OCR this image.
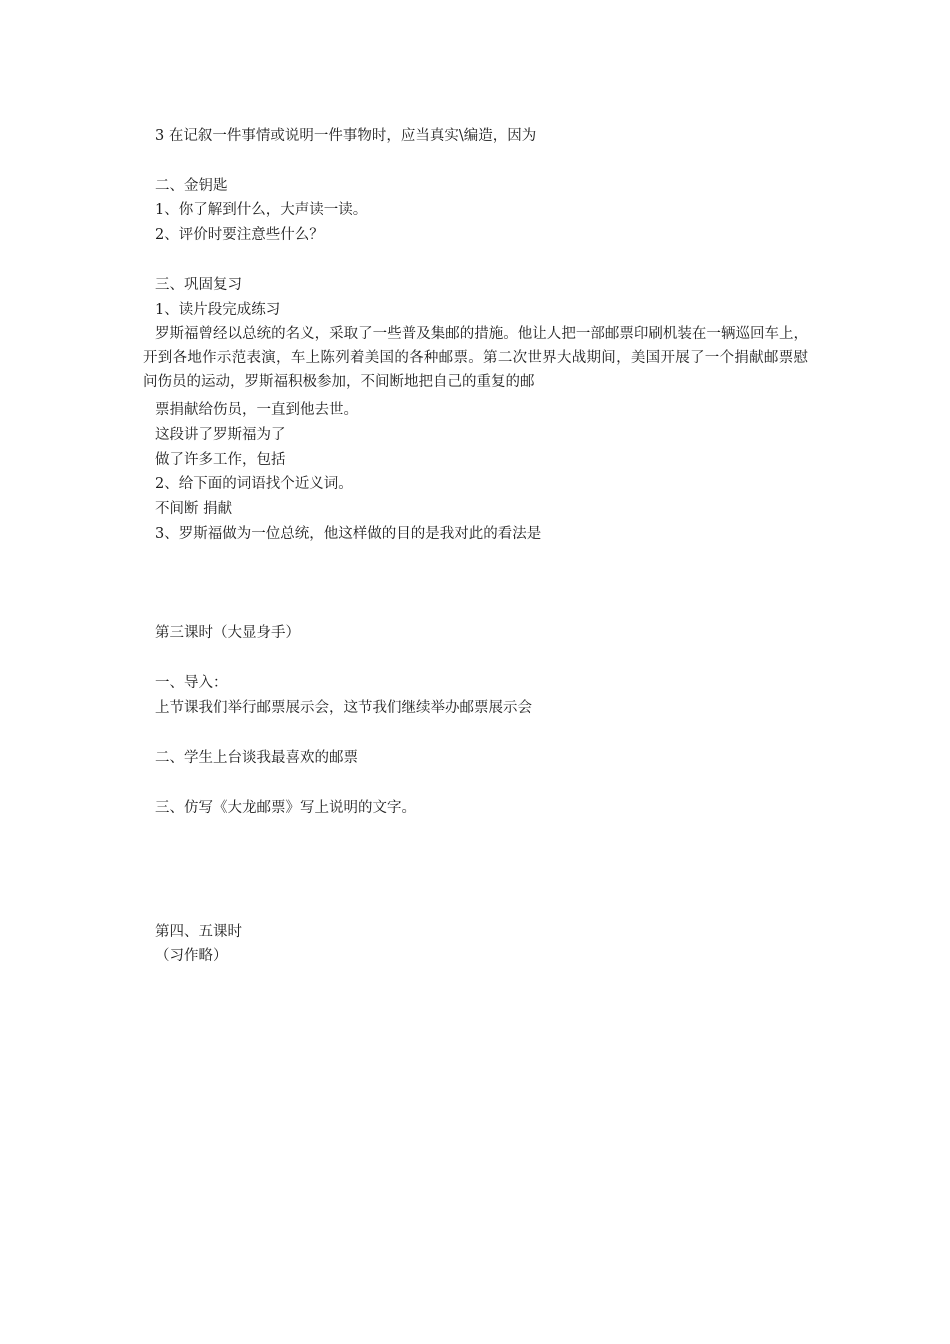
3 在记叙一件事情或说明一件事物时，应当真实\编造，因为
二、金钥匙
1、你了解到什么，大声读一读。
2、评价时要注意些什么？
三、巩固复习
1、读片段完成练习
罗斯福曾经以总统的名义，采取了一些普及集邮的措施。他让人把一部邮票印刷机装在一辆巡回车上，开到各地作示范表演，车上陈列着美国的各种邮票。第二次世界大战期间，美国开展了一个捐献邮票慰问伤员的运动，罗斯福积极参加，不间断地把自己的重复的邮
票捐献给伤员，一直到他去世。
这段讲了罗斯福为了
做了许多工作，包括
2、给下面的词语找个近义词。
不间断 捐献
3、罗斯福做为一位总统，他这样做的目的是我对此的看法是
第三课时（大显身手）
一、导入：
上节课我们举行邮票展示会，这节我们继续举办邮票展示会
二、学生上台谈我最喜欢的邮票
三、仿写《大龙邮票》写上说明的文字。
第四、五课时
（习作略）
